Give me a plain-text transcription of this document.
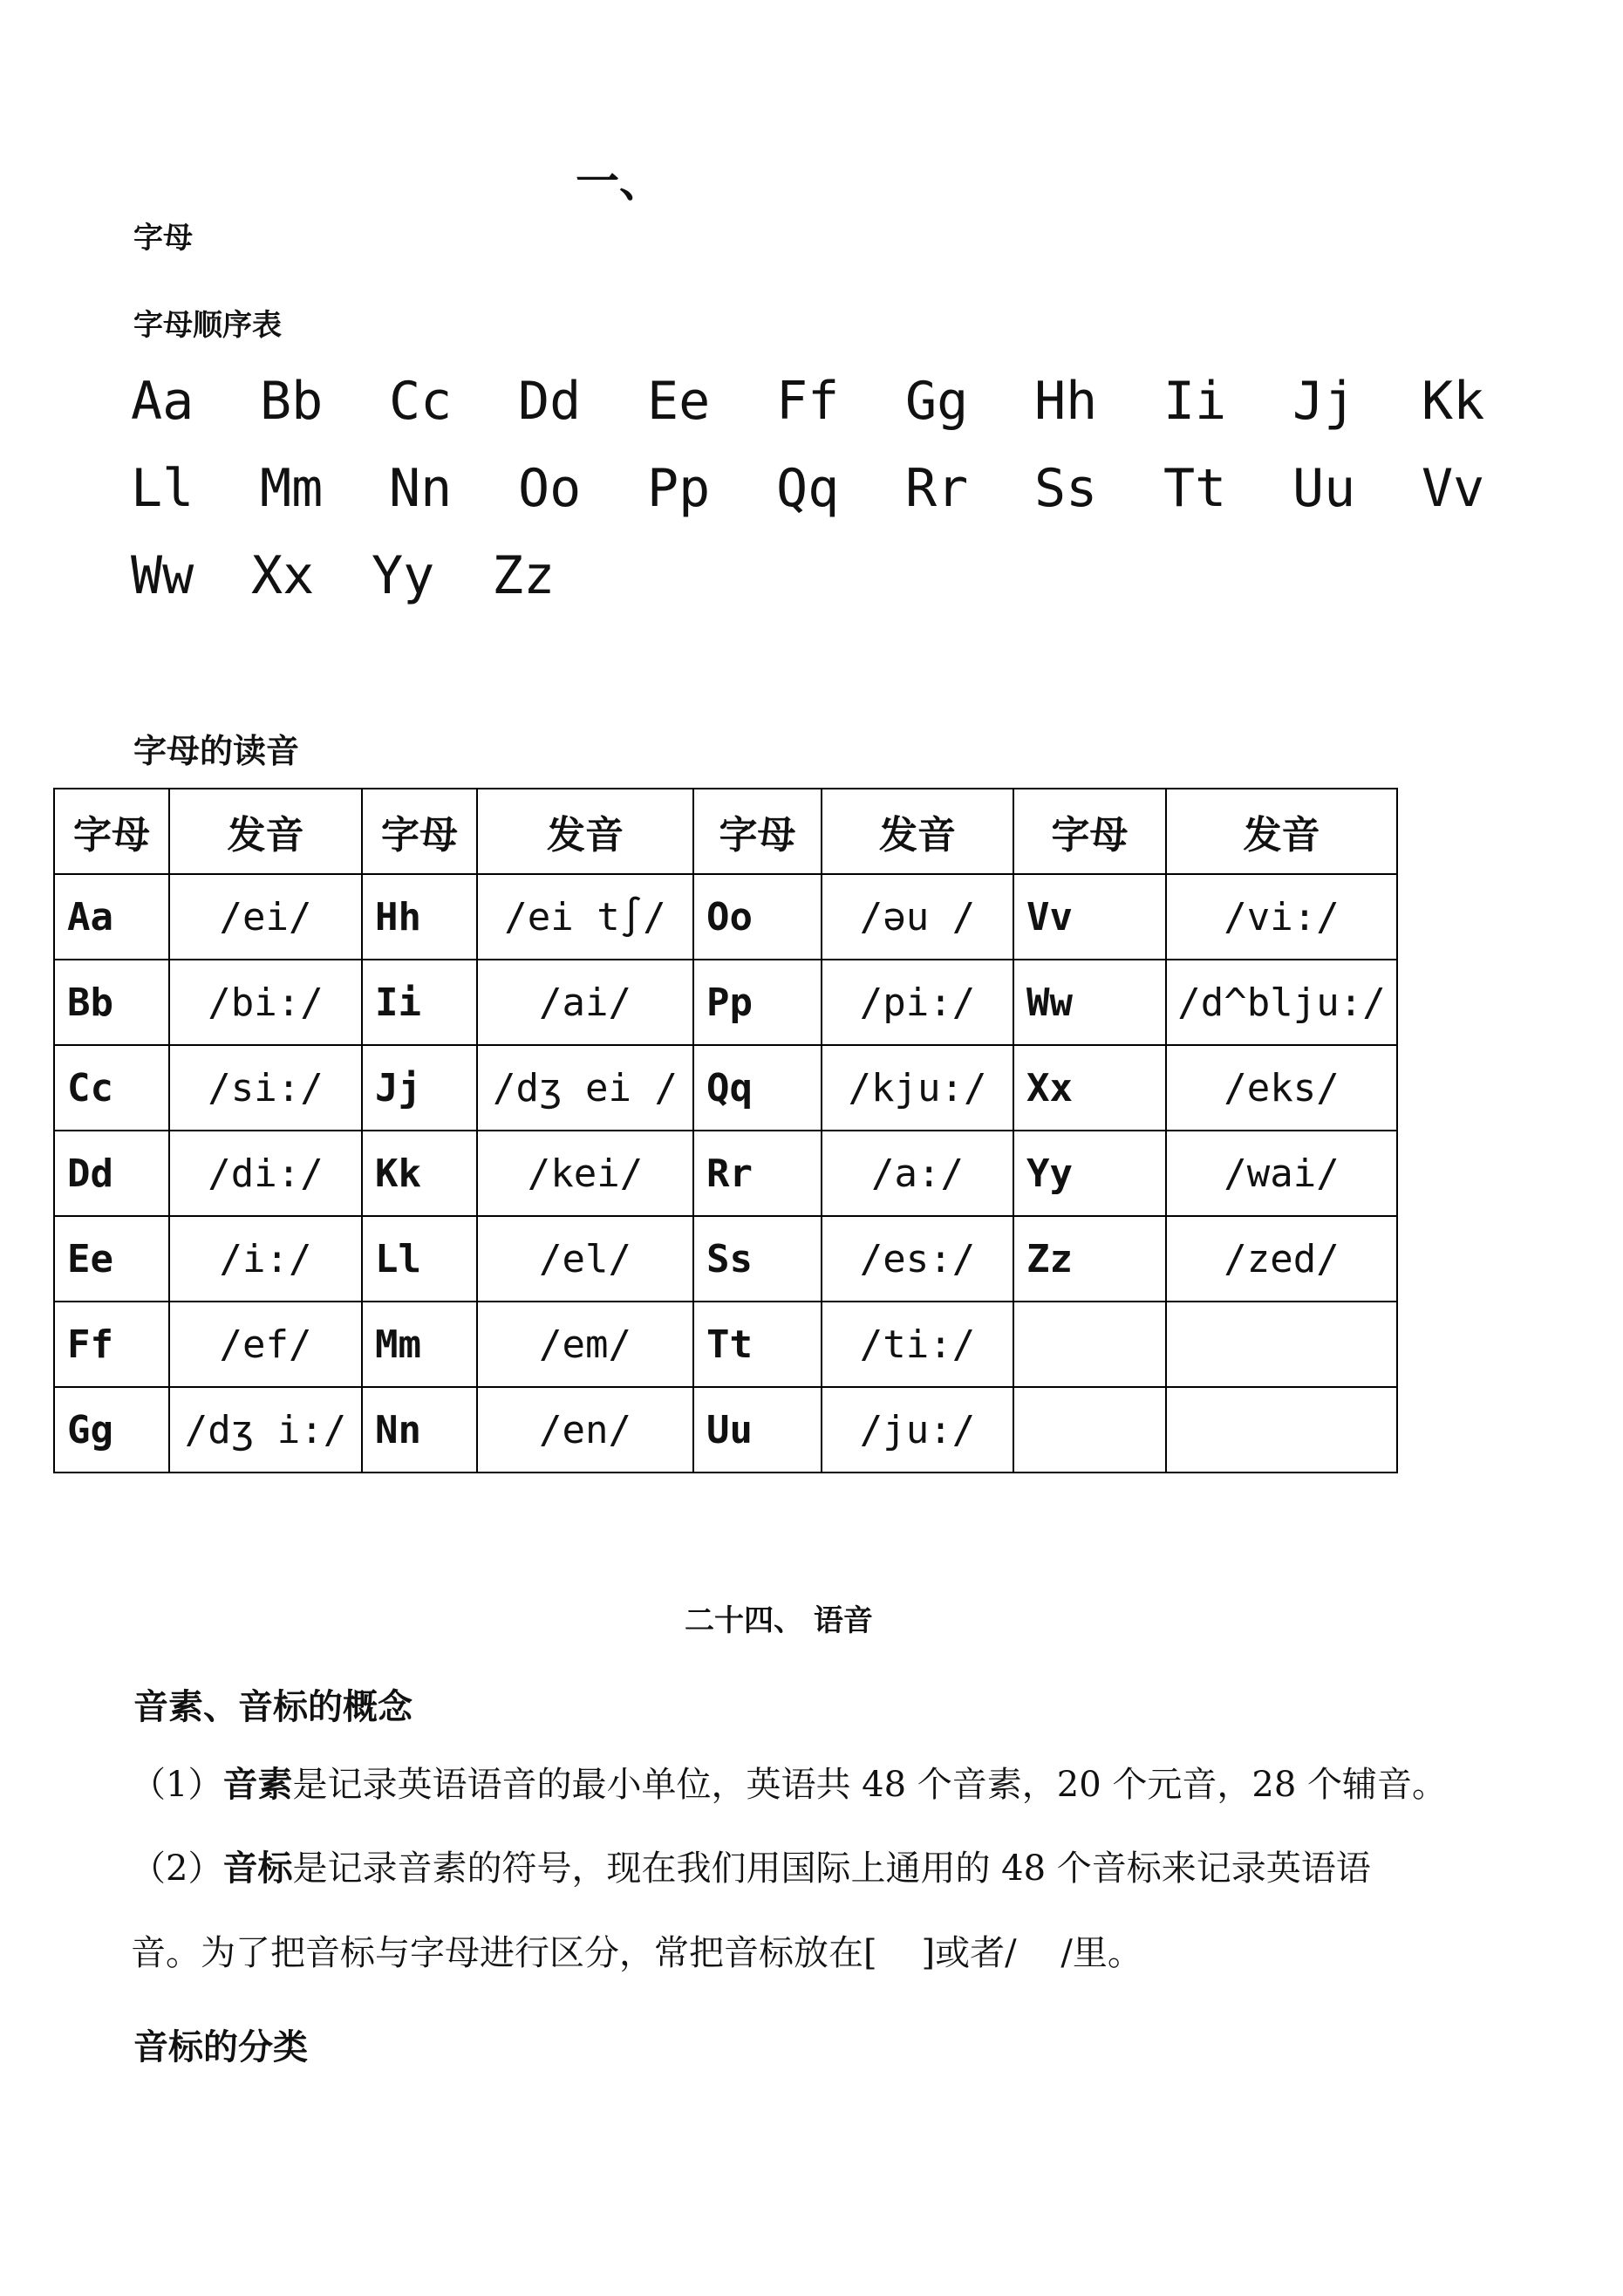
一、
字母
字母顺序表
Aa Bb Cc Dd Ee Ff Gg Hh Ii Jj Kk
Ll Mm Nn Oo Pp Qq Rr Ss Tt Uu Vv
Ww Xx Yy Zz
字母的读音
字母	发音	字母	发音	字母	发音	字母	发音
Aa	/ei/	Hh	/ei t∫/	Oo	/əu /	Vv	/vi:/
Bb	/bi:/	Ii	/ai/	Pp	/pi:/	Ww	/d^blju:/
Cc	/si:/	Jj	/dʒ ei /	Qq	/kju:/	Xx	/eks/
Dd	/di:/	Kk	/kei/	Rr	/a:/	Yy	/wai/
Ee	/i:/	Ll	/el/	Ss	/es:/	Zz	/zed/
Ff	/ef/	Mm	/em/	Tt	/ti:/		
Gg	/dʒ i:/	Nn	/en/	Uu	/ju:/		
二十四、 语音
音素、音标的概念
（1）音素是记录英语语音的最小单位，英语共 48 个音素，20 个元音，28 个辅音。
（2）音标是记录音素的符号，现在我们用国际上通用的 48 个音标来记录英语语
音。为了把音标与字母进行区分，常把音标放在[    ]或者/    /里。
音标的分类
